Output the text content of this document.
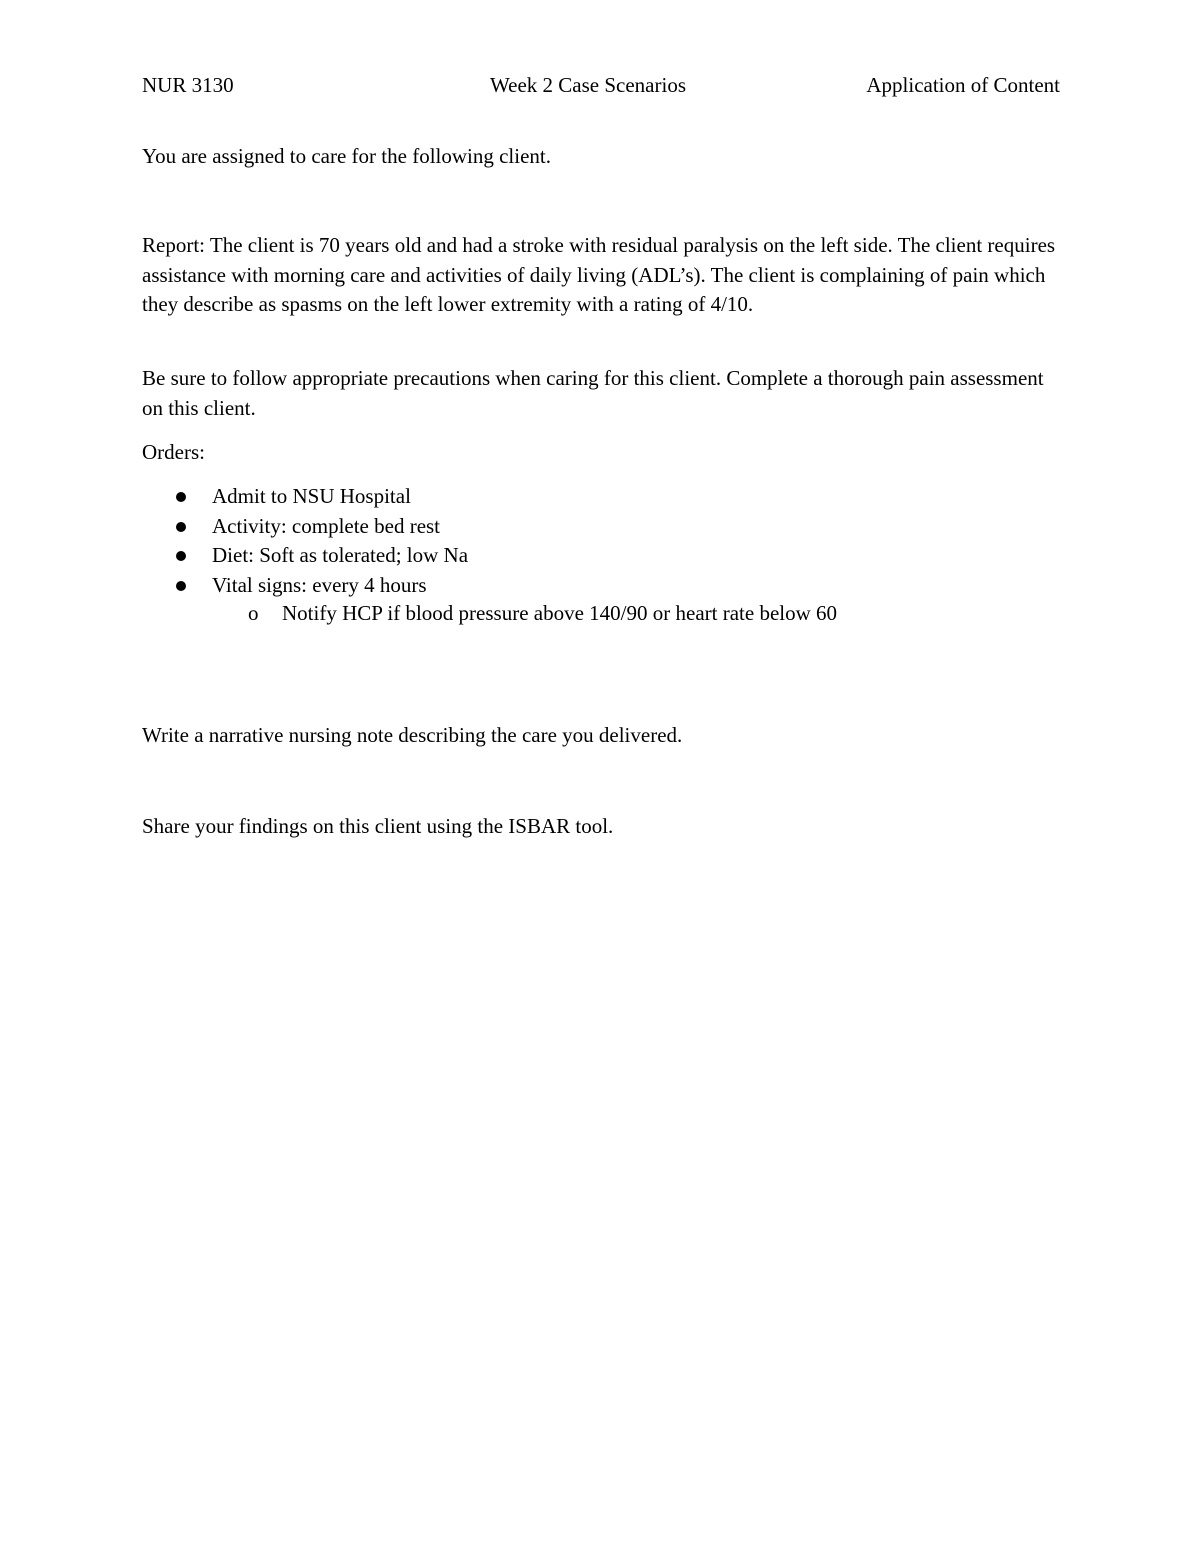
NUR 3130	Week 2 Case Scenarios	Application of Content

You are assigned to care for the following client.

Report: The client is 70 years old and had a stroke with residual paralysis on the left side. The client requires assistance with morning care and activities of daily living (ADL’s). The client is complaining of pain which they describe as spasms on the left lower extremity with a rating of 4/10.

Be sure to follow appropriate precautions when caring for this client. Complete a thorough pain assessment on this client.

Orders:

Admit to NSU Hospital
Activity: complete bed rest
Diet: Soft as tolerated; low Na
Vital signs: every 4 hours
o Notify HCP if blood pressure above 140/90 or heart rate below 60

Write a narrative nursing note describing the care you delivered.

Share your findings on this client using the ISBAR tool.
